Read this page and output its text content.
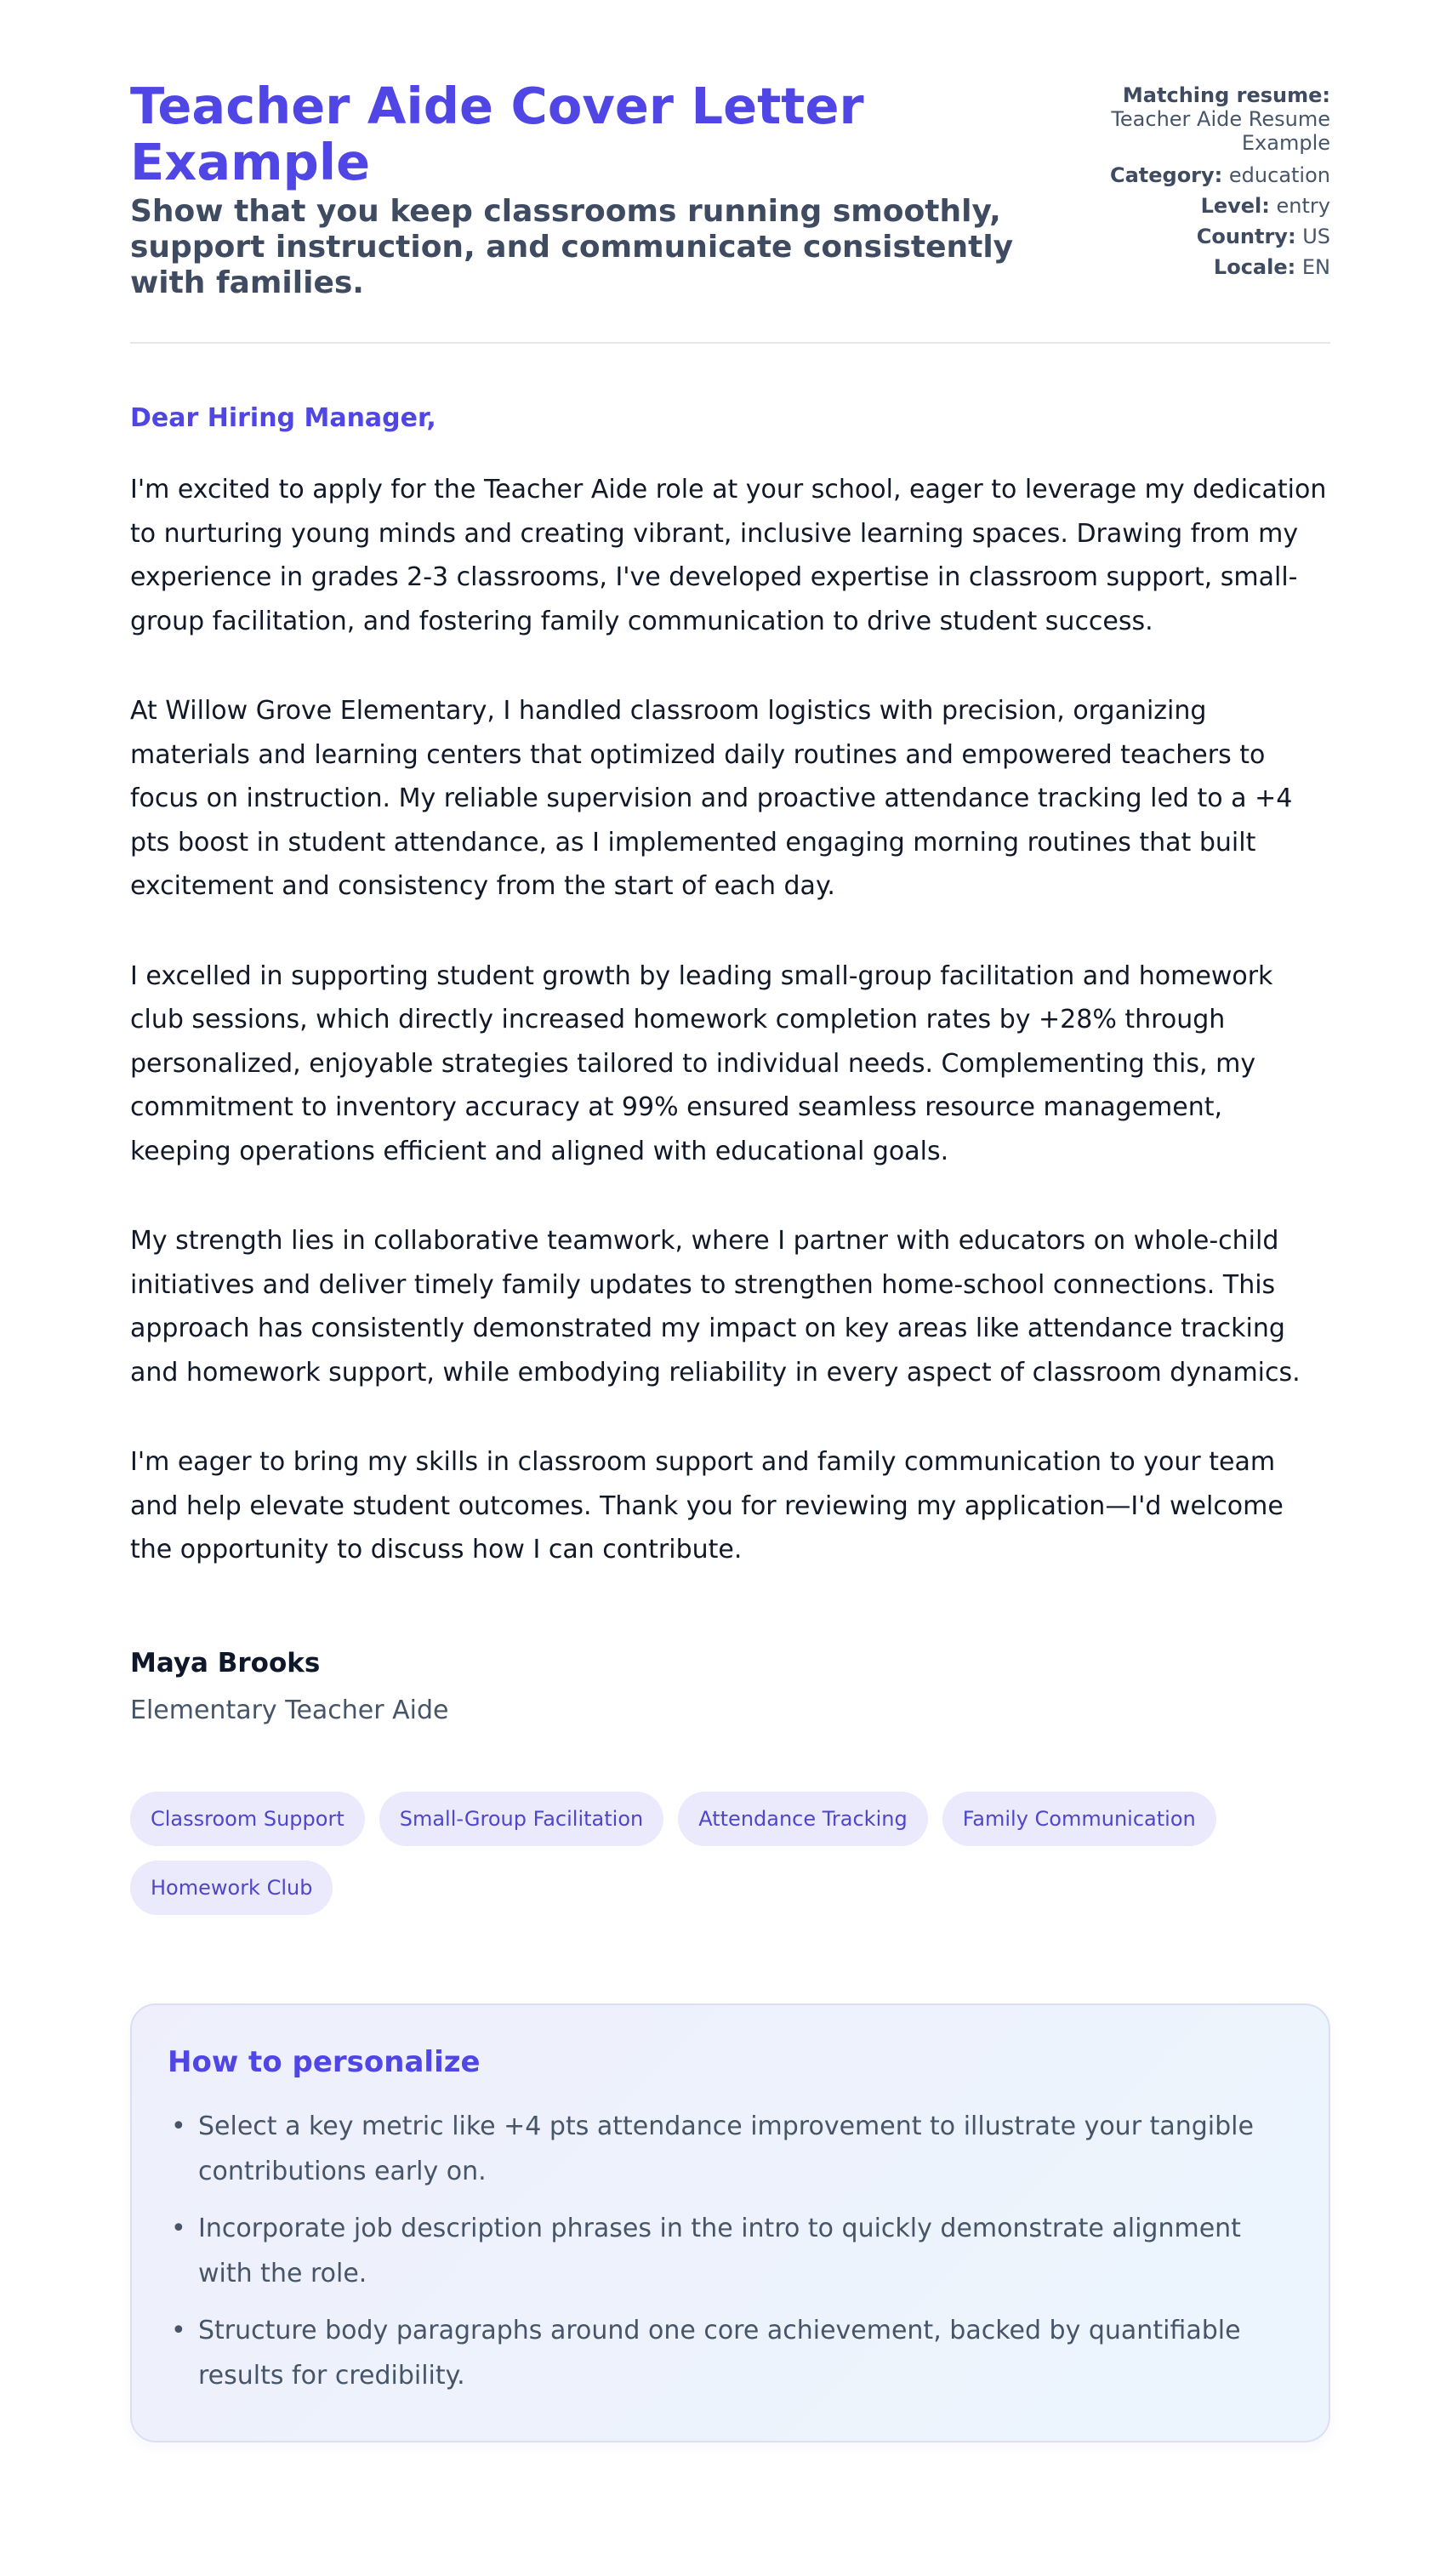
Teacher Aide Cover Letter Example
Show that you keep classrooms running smoothly, support instruction, and communicate consistently with families.
Matching resume:
Teacher Aide Resume Example
Category: education
Level: entry
Country: US
Locale: EN

Dear Hiring Manager,

I'm excited to apply for the Teacher Aide role at your school, eager to leverage my dedication to nurturing young minds and creating vibrant, inclusive learning spaces. Drawing from my experience in grades 2-3 classrooms, I've developed expertise in classroom support, small-group facilitation, and fostering family communication to drive student success.

At Willow Grove Elementary, I handled classroom logistics with precision, organizing materials and learning centers that optimized daily routines and empowered teachers to focus on instruction. My reliable supervision and proactive attendance tracking led to a +4 pts boost in student attendance, as I implemented engaging morning routines that built excitement and consistency from the start of each day.

I excelled in supporting student growth by leading small-group facilitation and homework club sessions, which directly increased homework completion rates by +28% through personalized, enjoyable strategies tailored to individual needs. Complementing this, my commitment to inventory accuracy at 99% ensured seamless resource management, keeping operations efficient and aligned with educational goals.

My strength lies in collaborative teamwork, where I partner with educators on whole-child initiatives and deliver timely family updates to strengthen home-school connections. This approach has consistently demonstrated my impact on key areas like attendance tracking and homework support, while embodying reliability in every aspect of classroom dynamics.

I'm eager to bring my skills in classroom support and family communication to your team and help elevate student outcomes. Thank you for reviewing my application—I'd welcome the opportunity to discuss how I can contribute.

Maya Brooks
Elementary Teacher Aide
Classroom Support	Small-Group Facilitation	Attendance Tracking	Family Communication
Homework Club
How to personalize
• Select a key metric like +4 pts attendance improvement to illustrate your tangible contributions early on.
• Incorporate job description phrases in the intro to quickly demonstrate alignment with the role.
• Structure body paragraphs around one core achievement, backed by quantifiable results for credibility.
